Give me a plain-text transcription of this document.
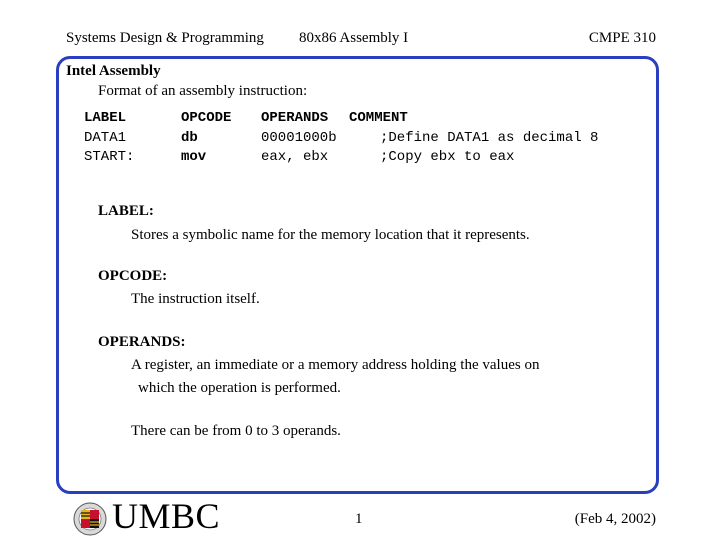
Systems Design & Programming 80x86 Assembly I	CMPE 310
Intel Assembly
Format of an assembly instruction:
LABEL	OPCODE OPERANDS COMMENT
DATA1	db	00001000b	;Define DATA1 as decimal 8
START:	mov	eax, ebx	;Copy ebx to eax
LABEL:
Stores a symbolic name for the memory location that it represents.
OPCODE:
The instruction itself.
OPERANDS:
A register, an immediate or a memory address holding the values on
which the operation is performed.
There can be from 0 to 3 operands.
UMBC	1	(Feb 4, 2002)
